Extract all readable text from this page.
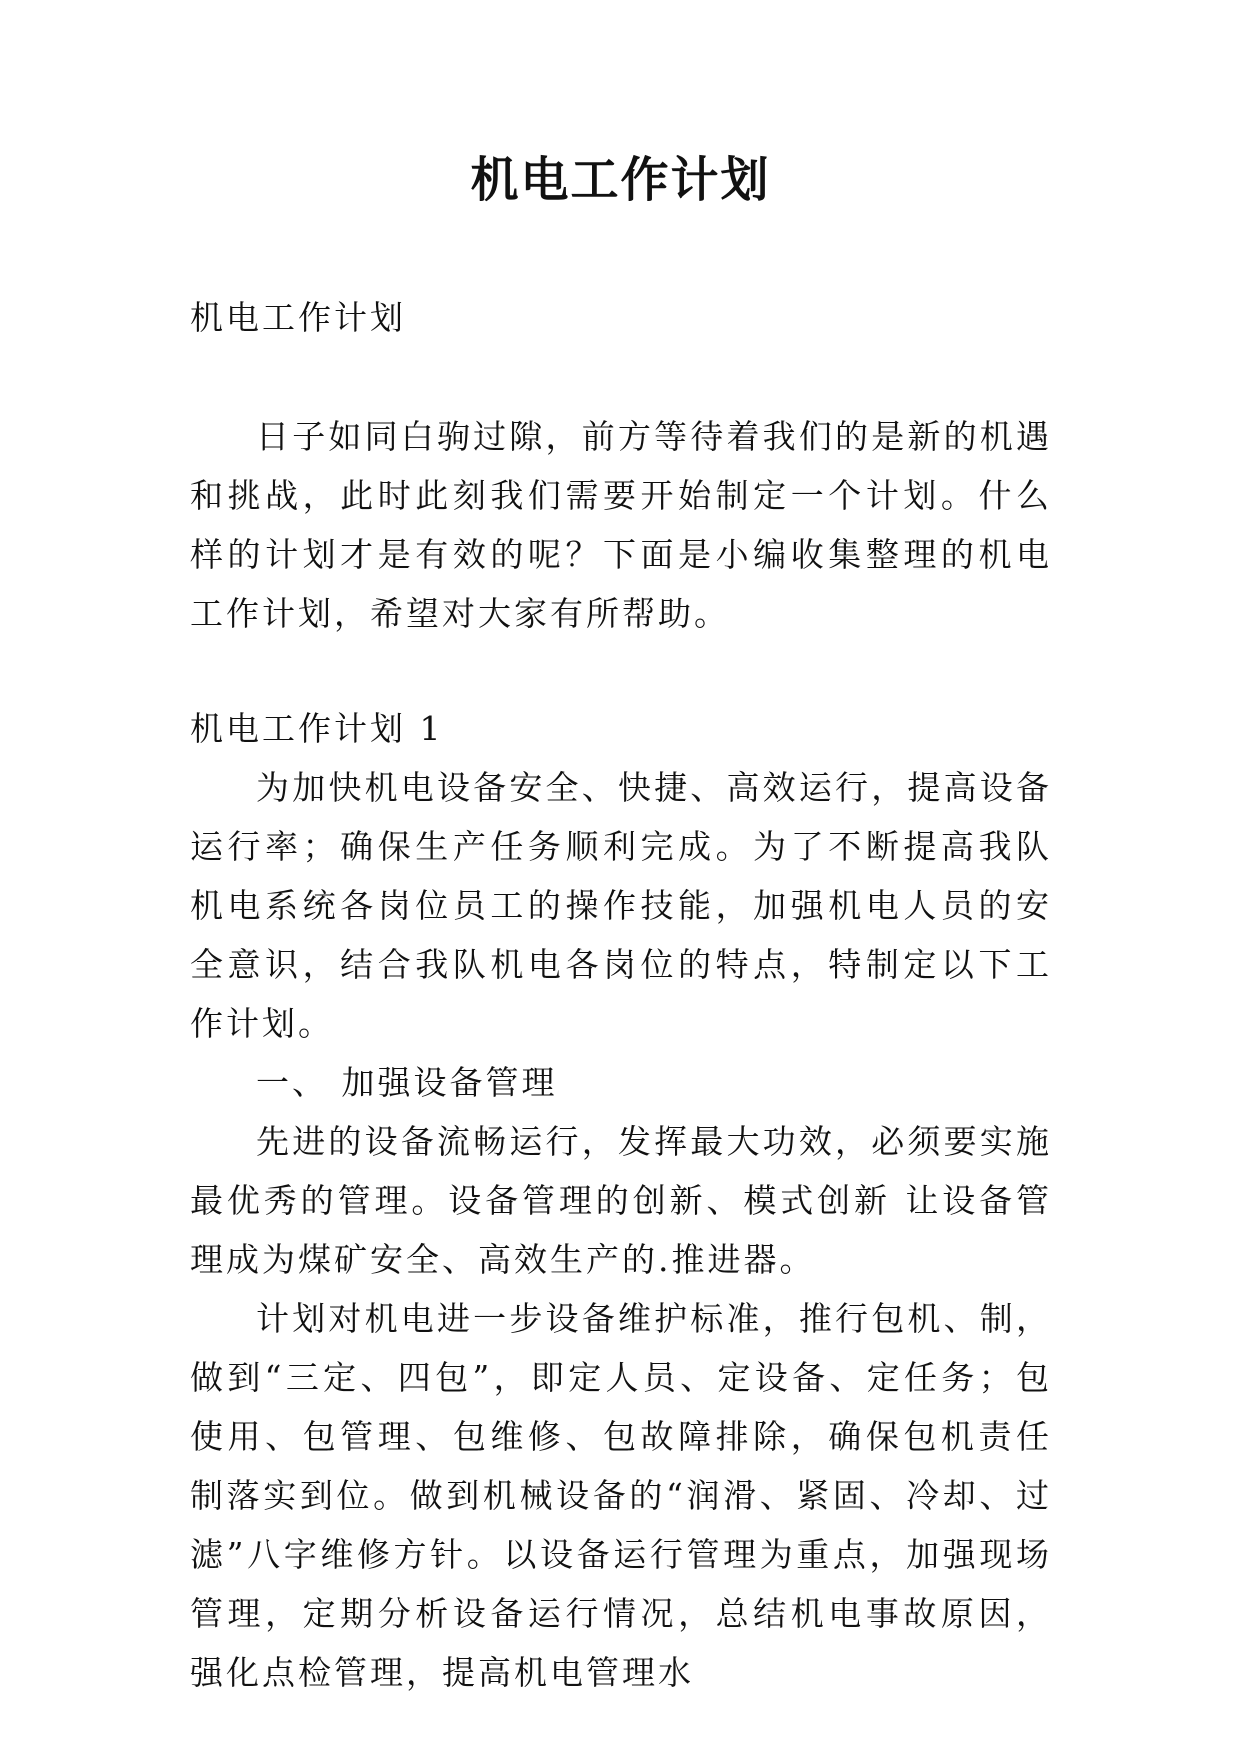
机电工作计划

机电工作计划

日子如同白驹过隙，前方等待着我们的是新的机遇和挑战，此时此刻我们需要开始制定一个计划。什么样的计划才是有效的呢？下面是小编收集整理的机电工作计划，希望对大家有所帮助。

机电工作计划 1

为加快机电设备安全、快捷、高效运行，提高设备运行率；确保生产任务顺利完成。为了不断提高我队机电系统各岗位员工的操作技能，加强机电人员的安全意识，结合我队机电各岗位的特点，特制定以下工作计划。

一、 加强设备管理

先进的设备流畅运行，发挥最大功效，必须要实施最优秀的管理。设备管理的创新、模式创新 让设备管理成为煤矿安全、高效生产的.推进器。

计划对机电进一步设备维护标准，推行包机、制，做到“三定、四包”，即定人员、定设备、定任务；包使用、包管理、包维修、包故障排除，确保包机责任制落实到位。做到机械设备的“润滑、紧固、冷却、过滤”八字维修方针。以设备运行管理为重点，加强现场管理，定期分析设备运行情况，总结机电事故原因，强化点检管理，提高机电管理水
